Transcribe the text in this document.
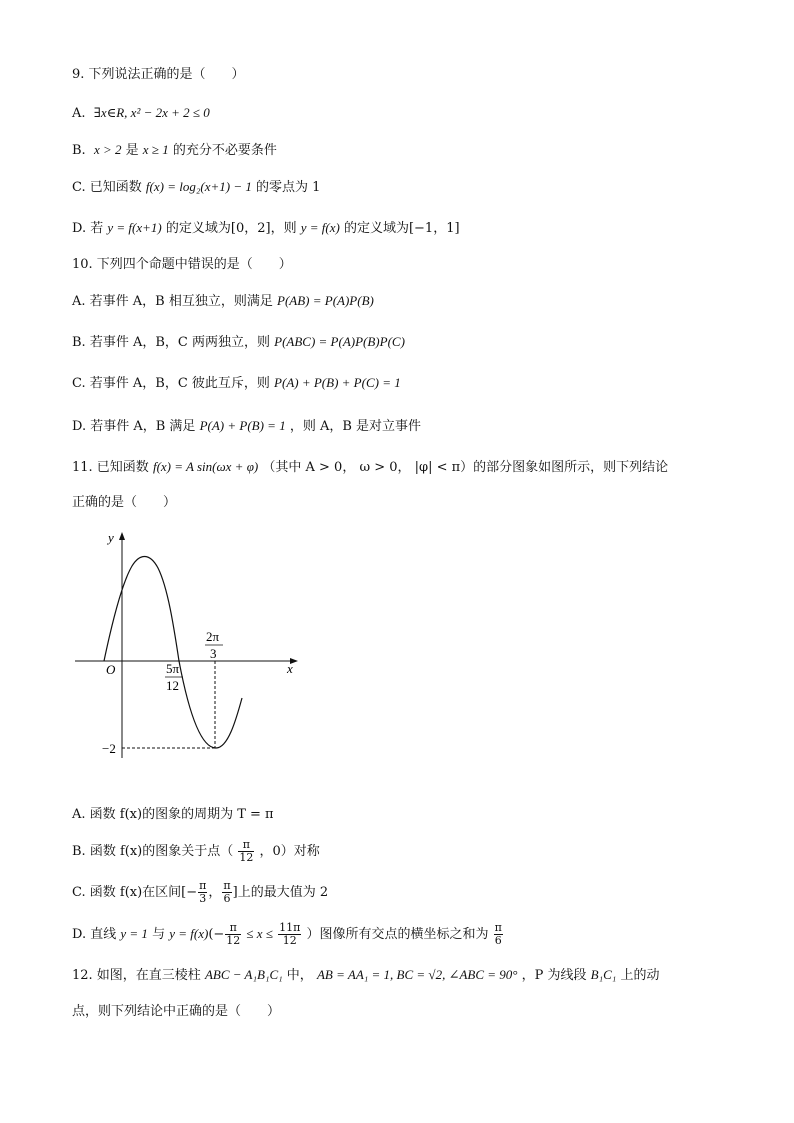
9. 下列说法正确的是（　　）
A. ∃x∈R, x² − 2x + 2 ≤ 0
B. x > 2 是 x ≥ 1 的充分不必要条件
C. 已知函数 f(x) = log₂(x+1) − 1 的零点为 1
D. 若 y = f(x+1) 的定义域为[0，2]，则 y = f(x) 的定义域为[−1，1]
10. 下列四个命题中错误的是（　　）
A. 若事件 A，B 相互独立，则满足 P(AB) = P(A)P(B)
B. 若事件 A，B，C 两两独立，则 P(ABC) = P(A)P(B)P(C)
C. 若事件 A，B，C 彼此互斥，则 P(A) + P(B) + P(C) = 1
D. 若事件 A，B 满足 P(A) + P(B) = 1 ，则 A，B 是对立事件
11. 已知函数 f(x) = A sin(ωx + φ) （其中 A > 0， ω > 0， |φ| < π）的部分图象如图所示，则下列结论
正确的是（　　）
y
x
O	5π
12
2π
3
−2
A. 函数 f(x)的图象的周期为 T = π
B. 函数 f(x)的图象关于点（ $\frac{\pi}{12}$ ，0）对称
C. 函数 f(x)在区间[− $\frac{\pi}{3}$ ， $\frac{\pi}{6}$ ]上的最大值为 2
D. 直线 y = 1 与 $y = f(x)(- \frac{\pi}{12} \le x \le \frac{11\pi}{12}$ ）图像所有交点的横坐标之和为 $\frac{\pi}{6}$
12. 如图，在直三棱柱 ABC − A₁B₁C₁ 中， AB = AA₁ = 1, BC = √2, ∠ABC = 90° ，P 为线段 B₁C₁ 上的动
点，则下列结论中正确的是（　　）
